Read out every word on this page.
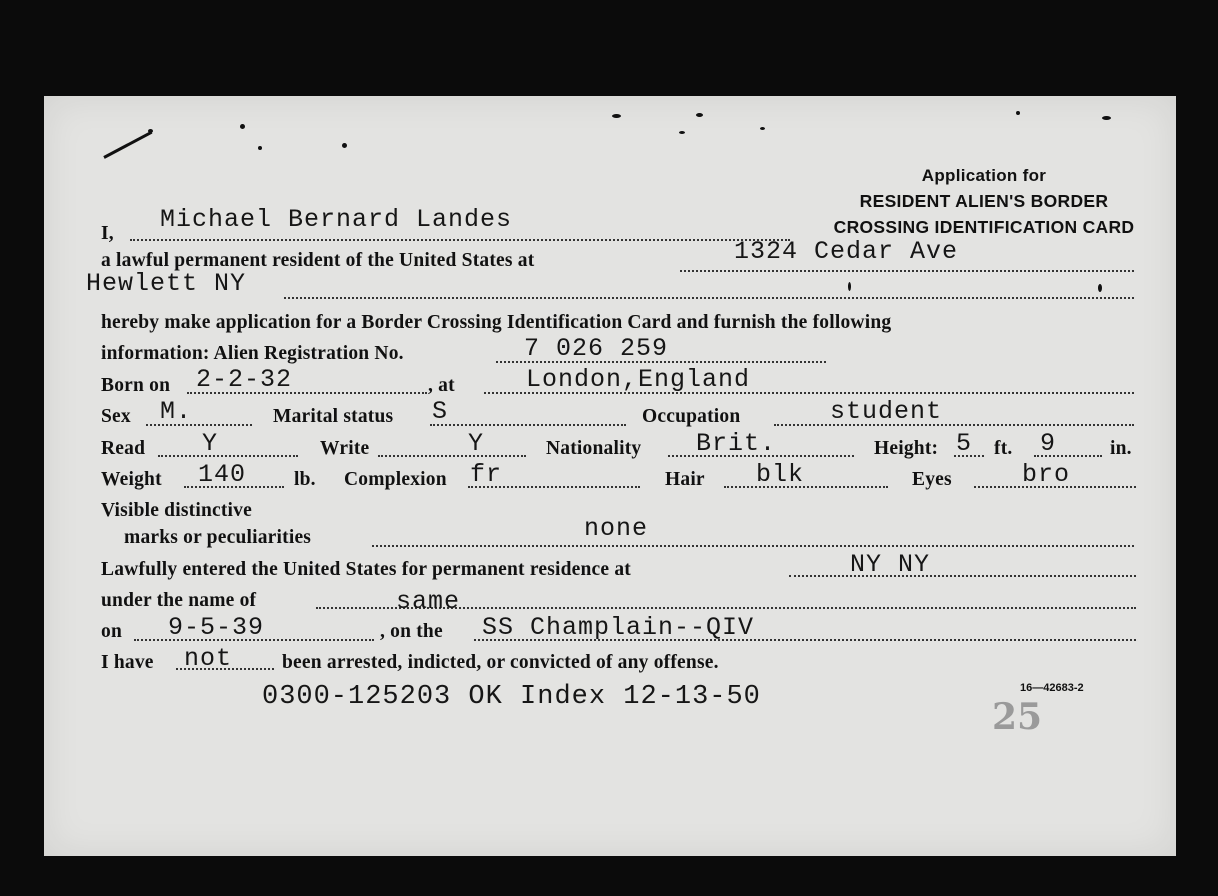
Application for
RESIDENT ALIEN'S BORDER
CROSSING IDENTIFICATION CARD
I, Michael Bernard Landes
a lawful permanent resident of the United States at	1324 Cedar Ave
Hewlett NY
hereby make application for a Border Crossing Identification Card and furnish the following
information: Alien Registration No.	7 026 259
Born on 2-2-32	, at	London,England
Sex M.	Marital status S	Occupation	student
Read Y	Write	Y	Nationality Brit.	Height: 5 ft. 9	in.
Weight 140 lb. Complexion fr	Hair blk	Eyes	bro
Visible distinctive
marks or peculiarities	none
Lawfully entered the United States for permanent residence at	NY NY
under the name of	same
on 9-5-39	, on the SS Champlain--QIV
I have not	been arrested, indicted, or convicted of any offense.
0300-125203 OK Index 12-13-50	16—42683-2
25
